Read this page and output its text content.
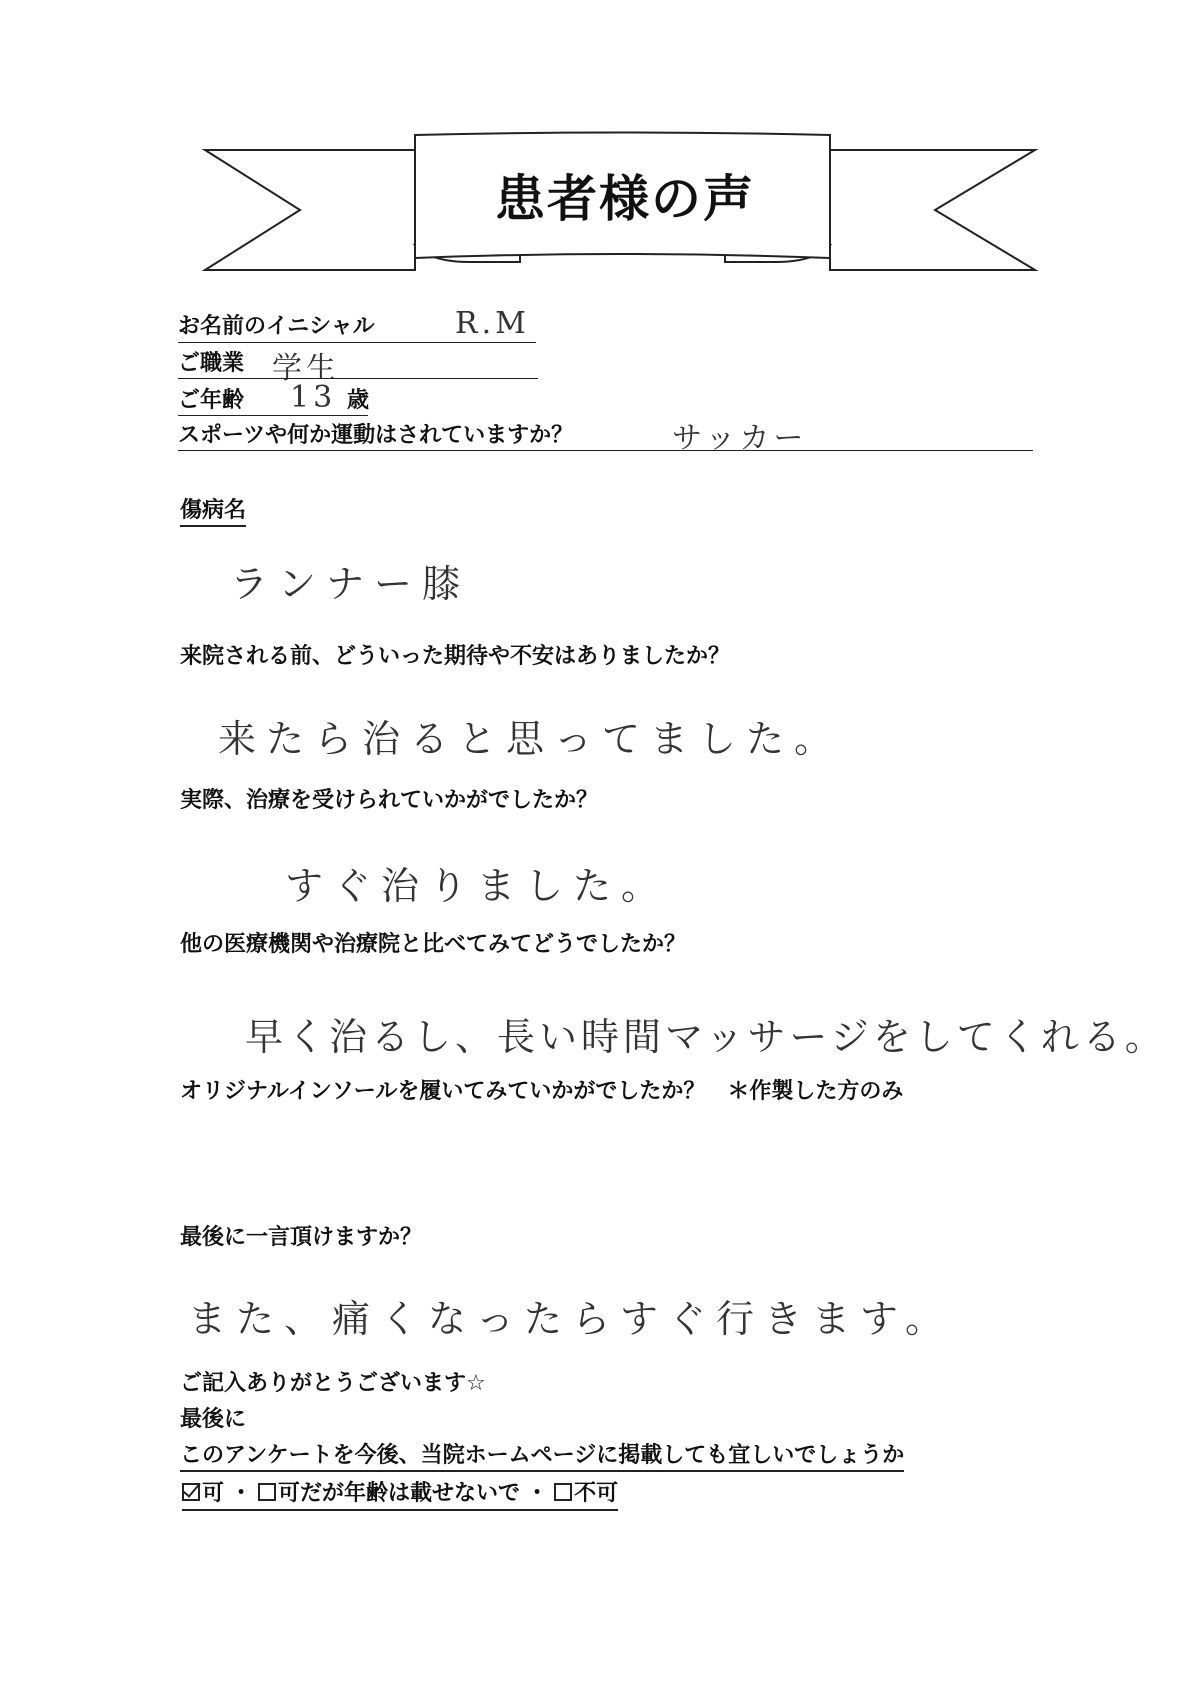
患者様の声
お名前のイニシャル	R.M
ご職業 学生
ご年齢 13 歳
スポーツや何か運動はされていますか？	サッカー
傷病名
ランナー膝
来院される前、どういった期待や不安はありましたか？
来たら治ると思ってました。
実際、治療を受けられていかがでしたか？
すぐ治りました。
他の医療機関や治療院と比べてみてどうでしたか？
早く治るし、長い時間マッサージをしてくれる。
オリジナルインソールを履いてみていかがでしたか？　＊作製した方のみ
最後に一言頂けますか？
また、痛くなったらすぐ行きます。
ご記入ありがとうございます☆
最後に
このアンケートを今後、当院ホームページに掲載しても宜しいでしょうか
可 ・ 可だが年齢は載せないで ・ 不可
